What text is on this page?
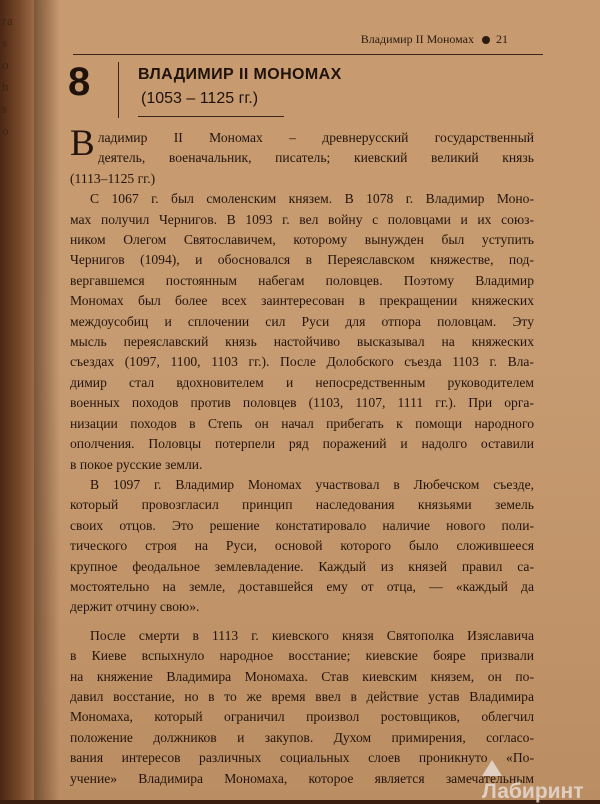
ra
s
o
h
s
o
Владимир II Мономах 21
8	ВЛАДИМИР II МОНОМАХ
(1053 – 1125 гг.)
В ладимир II Мономах – древнерусский государственный
деятель, военачальник, писатель; киевский великий князь
(1113–1125 гг.)
С 1067 г. был смоленским князем. В 1078 г. Владимир Моно-
мах получил Чернигов. В 1093 г. вел войну с половцами и их союз-
ником Олегом Святославичем, которому вынужден был уступить
Чернигов (1094), и обосновался в Переяславском княжестве, под-
вергавшемся постоянным набегам половцев. Поэтому Владимир
Мономах был более всех заинтересован в прекращении княжеских
междоусобиц и сплочении сил Руси для отпора половцам. Эту
мысль переяславский князь настойчиво высказывал на княжеских
съездах (1097, 1100, 1103 гг.). После Долобского съезда 1103 г. Вла-
димир стал вдохновителем и непосредственным руководителем
военных походов против половцев (1103, 1107, 1111 гг.). При орга-
низации походов в Степь он начал прибегать к помощи народного
ополчения. Половцы потерпели ряд поражений и надолго оставили
в покое русские земли.
В 1097 г. Владимир Мономах участвовал в Любечском съезде,
который провозгласил принцип наследования князьями земель
своих отцов. Это решение констатировало наличие нового поли-
тического строя на Руси, основой которого было сложившееся
крупное феодальное землевладение. Каждый из князей правил са-
мостоятельно на земле, доставшейся ему от отца, — «каждый да
держит отчину свою».
После смерти в 1113 г. киевского князя Святополка Изяславича
в Киеве вспыхнуло народное восстание; киевские бояре призвали
на княжение Владимира Мономаха. Став киевским князем, он по-
давил восстание, но в то же время ввел в действие устав Владимира
Мономаха, который ограничил произвол ростовщиков, облегчил
положение должников и закупов. Духом примирения, согласо-
вания интересов различных социальных слоев проникнуто «По-
учение» Владимира Мономаха, которое является замечательным
Лабиринт
